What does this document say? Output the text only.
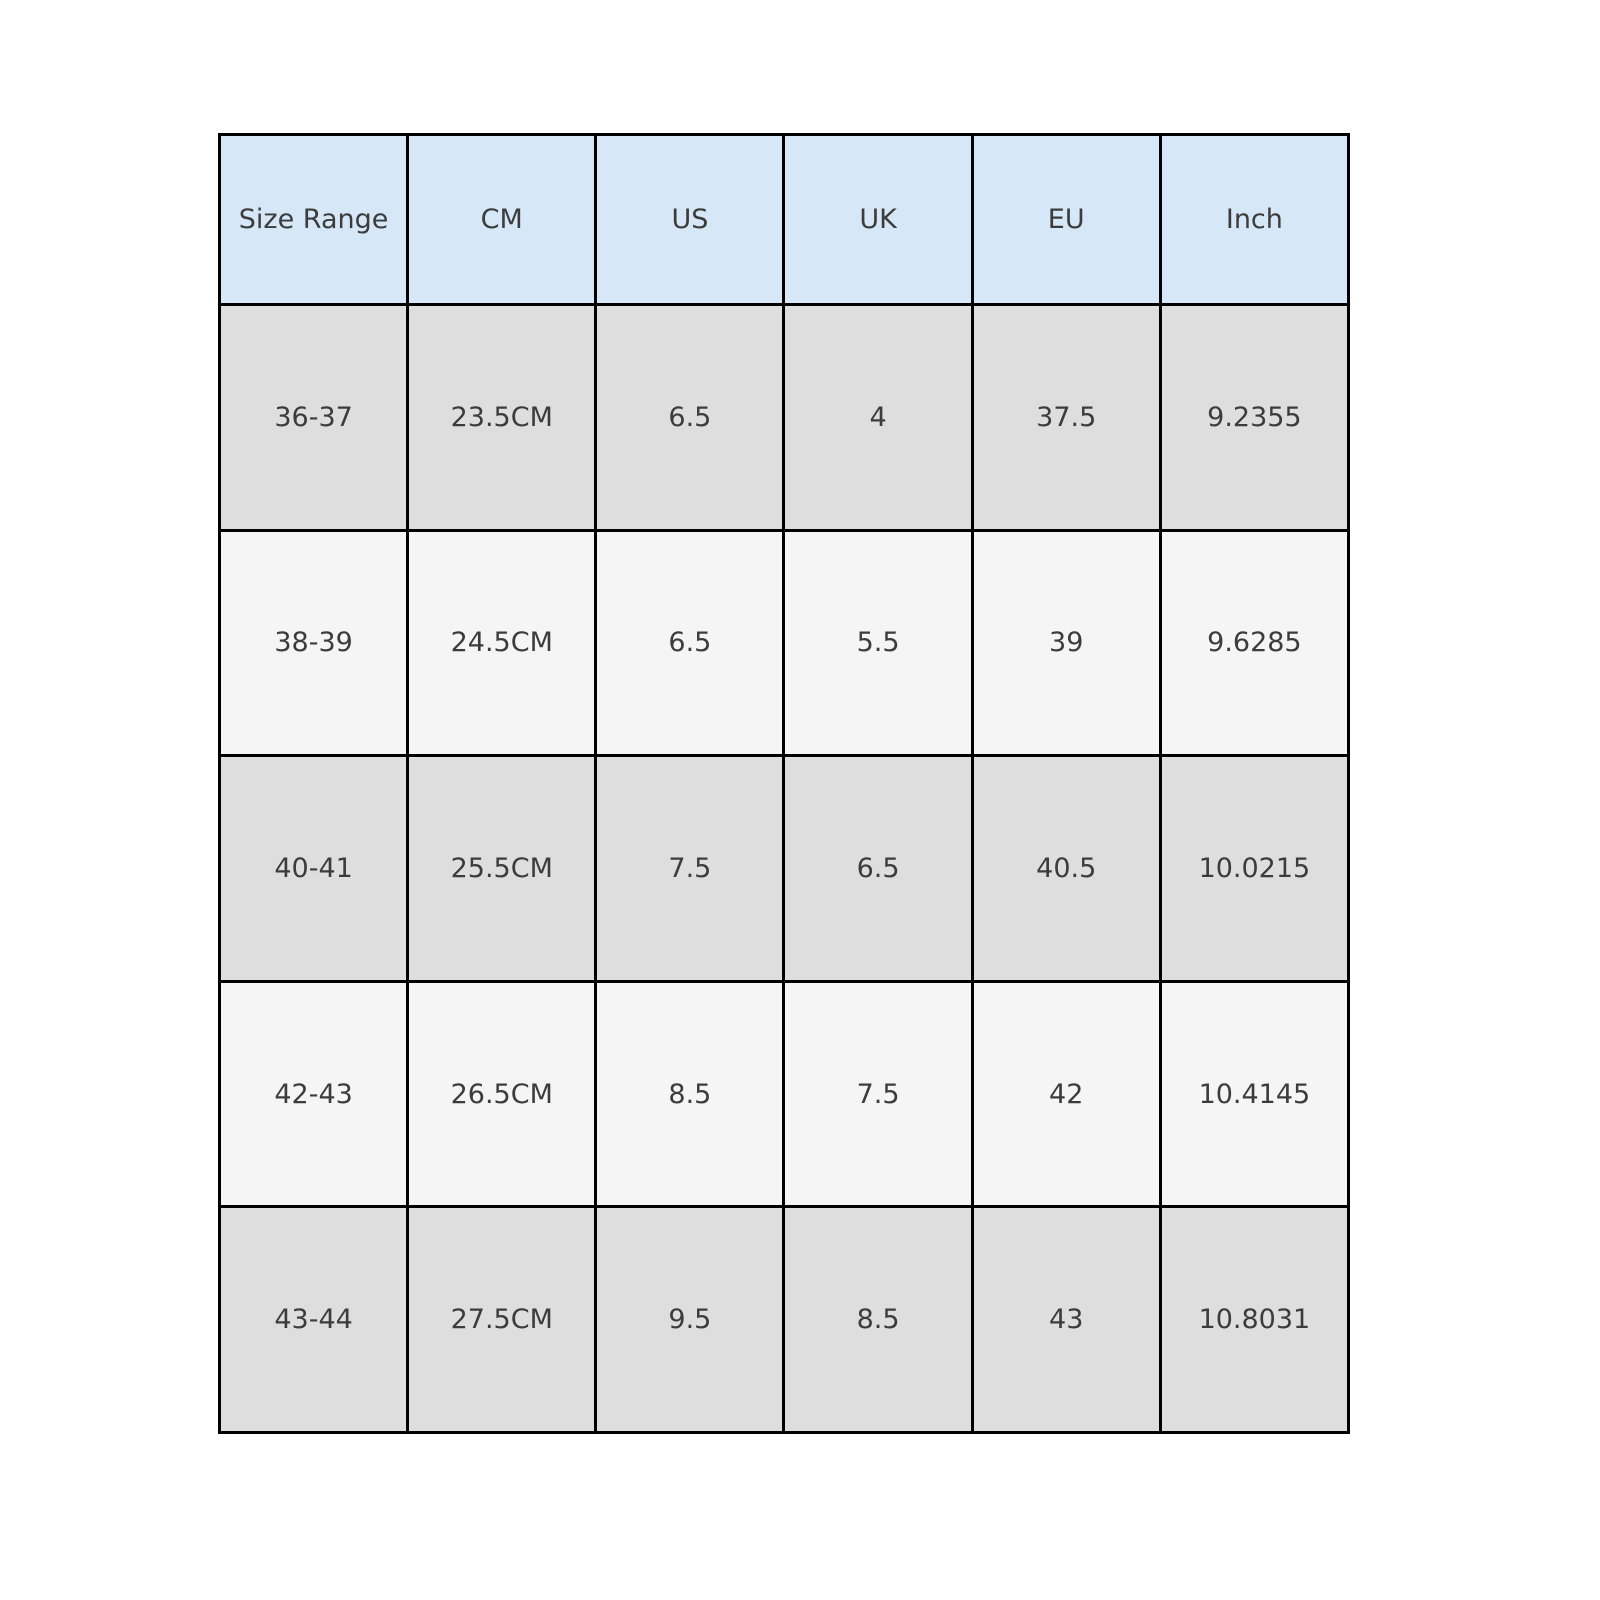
Size Range	CM	US	UK	EU	Inch
36-37	23.5CM	6.5	4	37.5	9.2355
38-39	24.5CM	6.5	5.5	39	9.6285
40-41	25.5CM	7.5	6.5	40.5	10.0215
42-43	26.5CM	8.5	7.5	42	10.4145
43-44	27.5CM	9.5	8.5	43	10.8031
